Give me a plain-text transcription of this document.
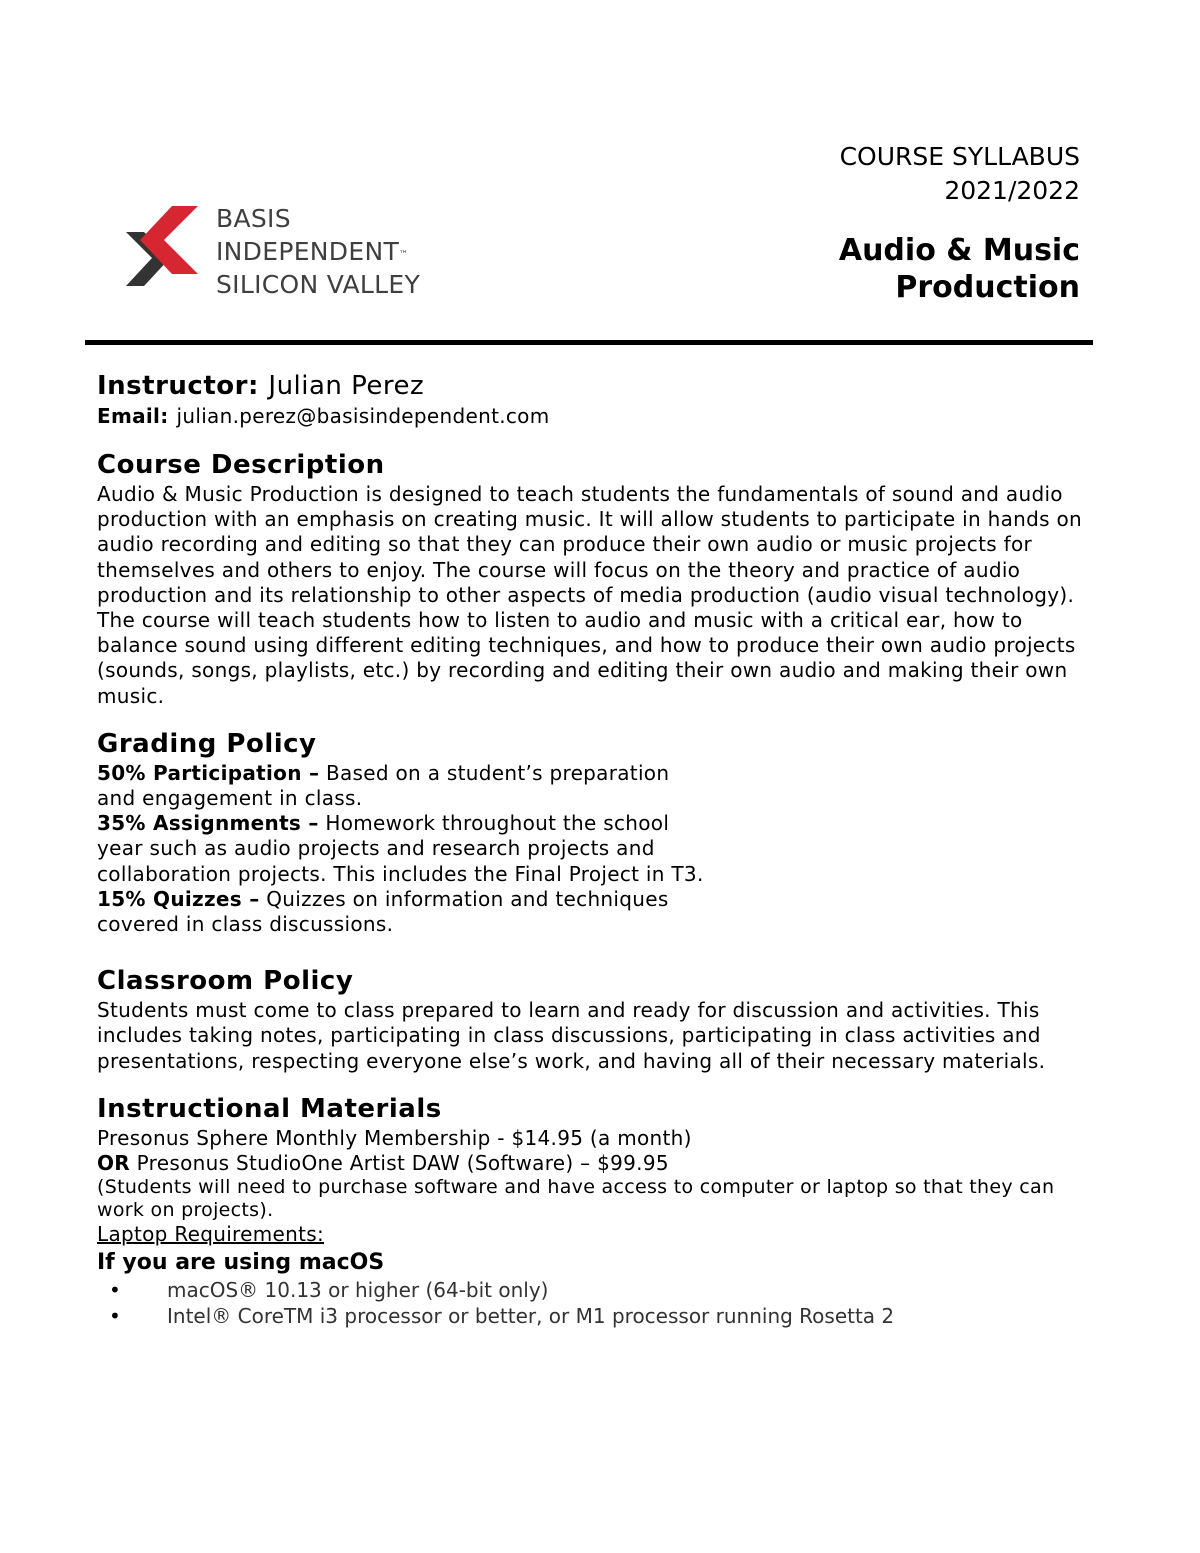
BASIS
INDEPENDENT™
SILICON VALLEY
COURSE SYLLABUS
2021/2022
Audio & Music
Production
Instructor: Julian Perez
Email: julian.perez@basisindependent.com
Course Description

Audio & Music Production is designed to teach students the fundamentals of sound and audio production with an emphasis on creating music. It will allow students to participate in hands on audio recording and editing so that they can produce their own audio or music projects for themselves and others to enjoy. The course will focus on the theory and practice of audio production and its relationship to other aspects of media production (audio visual technology). The course will teach students how to listen to audio and music with a critical ear, how to balance sound using different editing techniques, and how to produce their own audio projects (sounds, songs, playlists, etc.) by recording and editing their own audio and making their own music.

Grading Policy

50% Participation – Based on a student’s preparation and engagement in class.

35% Assignments – Homework throughout the school year such as audio projects and research projects and collaboration projects. This includes the Final Project in T3.

15% Quizzes – Quizzes on information and techniques covered in class discussions.

Classroom Policy

Students must come to class prepared to learn and ready for discussion and activities. This includes taking notes, participating in class discussions, participating in class activities and presentations, respecting everyone else’s work, and having all of their necessary materials.

Instructional Materials

Presonus Sphere Monthly Membership - $14.95 (a month)

OR Presonus StudioOne Artist DAW (Software) – $99.95

(Students will need to purchase software and have access to computer or laptop so that they can work on projects).

Laptop Requirements:

If you are using macOS
• macOS® 10.13 or higher (64-bit only)
• Intel® CoreTM i3 processor or better, or M1 processor running Rosetta 2
